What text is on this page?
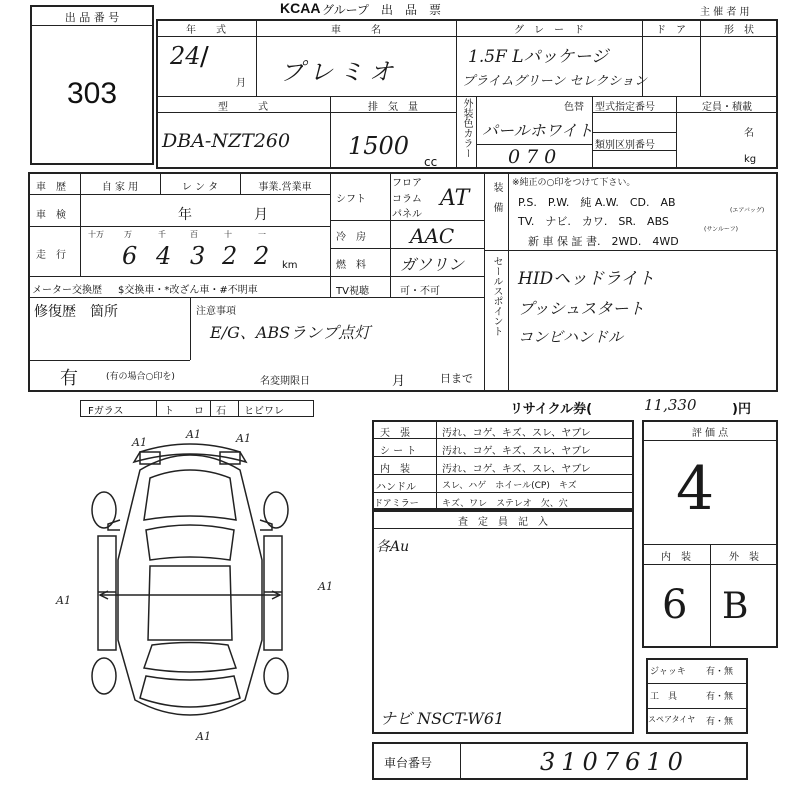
出 品 番 号
303
KCAA グループ　出　品　票	主 催 者 用
年　　式	車　　　名	グ　レ　ー　ド	ド　ア	形　状
24 /
月 プレミオ
1.5F Lパッケージ
プライムグリーン セレクション
型　　　式
DBA-NZT260
排　気　量
1500
cc
外装色カラー	色替
パールホワイト
070
型式指定番号
類別区別番号
定員・積載
名
kg
車　歴	自 家 用	レ ン タ	事業.営業車
車　検	年	月
走　行
十万	万	千	百	十	一
6 4 3 2 2 km
メーター交換歴 $交換車・*改ざん車・#不明車
シフト
フロア
コラム
パネル
AT
冷　房 AAC
燃　料 ガソリン
TV視聴	可・不可
装備 ※純正の○印をつけて下さい。
P.S.　P.W.　純 A.W.　CD.　AB
(エアバッグ)
TV.　ナビ.　カワ.　SR.　ABS
(サンルーフ)
新 車 保 証 書.　2WD.　4WD
セールスポイント HIDヘッドライト
プッシュスタート
コンビハンドル
修復歴　箇所
有	(有の場合○印を)
注意事項
E/G、ABSランプ点灯
名変期限日	月	日まで
Fガラス	ト ロ 石 ヒビワレ
A1
A1	A1
A1
A1
A1
リサイクル券(	11,330	)円
天　張	汚れ、コゲ、キズ、スレ、ヤブレ
シ ー ト	汚れ、コゲ、キズ、スレ、ヤブレ
内　装	汚れ、コゲ、キズ、スレ、ヤブレ
ハンドル	スレ、ハゲ　ホイール(CP)　キズ
ドアミラー	キズ、ワレ　ステレオ　欠、穴
査　定　員　記　入
各Au
ナビ NSCT-W61
評 価 点
4
内　装	外　装
6 B
ジャッキ 有・無
工　具	有・無
スペアタイヤ 有・無
車台番号	3107610
